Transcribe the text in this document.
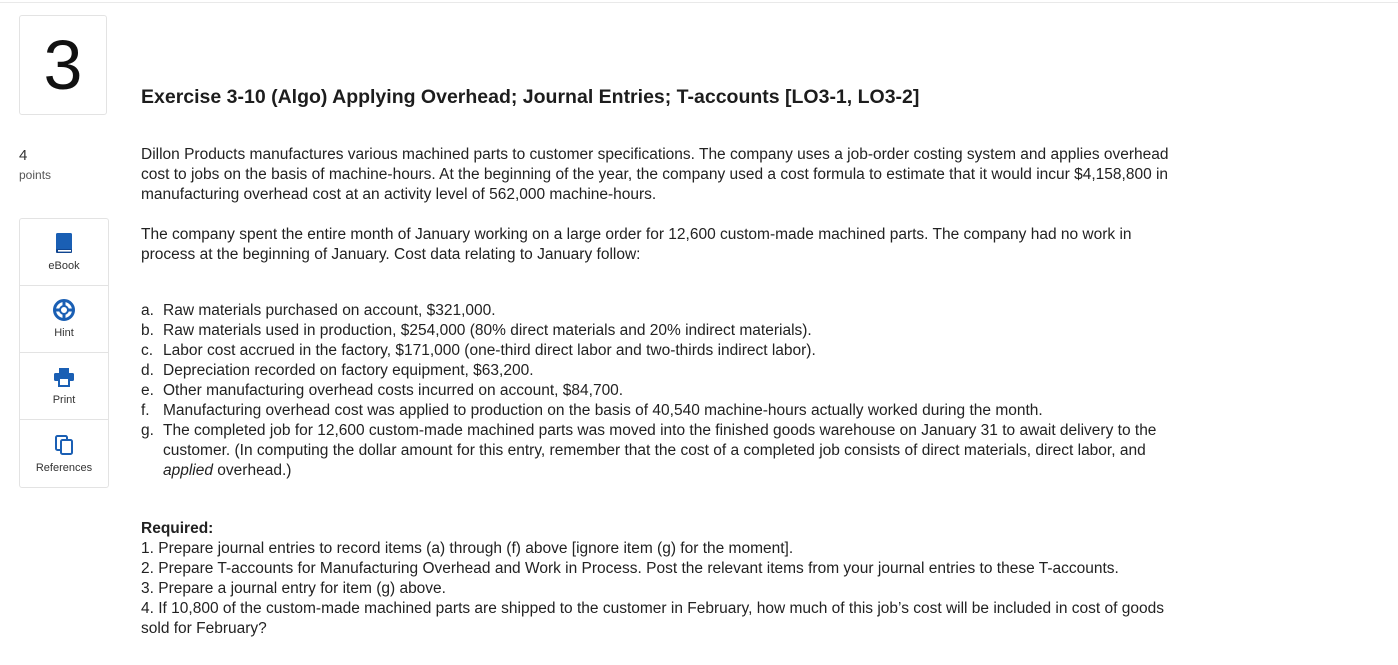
3
4
points
eBook
Hint
Print
References
Exercise 3-10 (Algo) Applying Overhead; Journal Entries; T-accounts [LO3-1, LO3-2]

Dillon Products manufactures various machined parts to customer specifications. The company uses a job-order costing system and applies overhead cost to jobs on the basis of machine-hours. At the beginning of the year, the company used a cost formula to estimate that it would incur $4,158,800 in manufacturing overhead cost at an activity level of 562,000 machine-hours.

The company spent the entire month of January working on a large order for 12,600 custom-made machined parts. The company had no work in process at the beginning of January. Cost data relating to January follow:

a. Raw materials purchased on account, $321,000.
b. Raw materials used in production, $254,000 (80% direct materials and 20% indirect materials).
c. Labor cost accrued in the factory, $171,000 (one-third direct labor and two-thirds indirect labor).
d. Depreciation recorded on factory equipment, $63,200.
e. Other manufacturing overhead costs incurred on account, $84,700.
f. Manufacturing overhead cost was applied to production on the basis of 40,540 machine-hours actually worked during the month.
g. The completed job for 12,600 custom-made machined parts was moved into the finished goods warehouse on January 31 to await delivery to the customer. (In computing the dollar amount for this entry, remember that the cost of a completed job consists of direct materials, direct labor, and applied overhead.)
Required:
1. Prepare journal entries to record items (a) through (f) above [ignore item (g) for the moment].
2. Prepare T-accounts for Manufacturing Overhead and Work in Process. Post the relevant items from your journal entries to these T-accounts.
3. Prepare a journal entry for item (g) above.
4. If 10,800 of the custom-made machined parts are shipped to the customer in February, how much of this job’s cost will be included in cost of goods sold for February?
